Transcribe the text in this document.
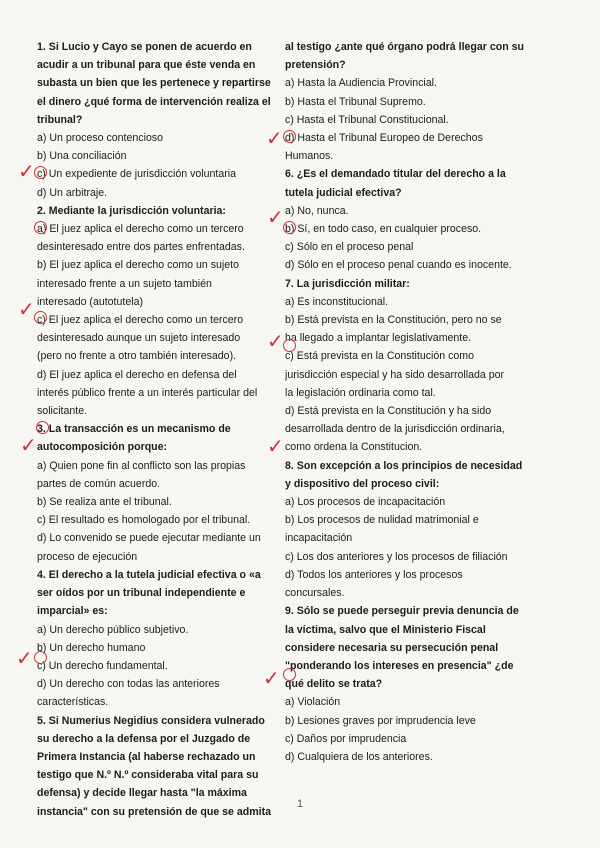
1. Si Lucio y Cayo se ponen de acuerdo en
acudir a un tribunal para que éste venda en
subasta un bien que les pertenece y repartirse
el dinero ¿qué forma de intervención realiza el
tribunal?
a) Un proceso contencioso
b) Una conciliación
c) Un expediente de jurisdicción voluntaria
d) Un arbitraje.
2. Mediante la jurisdicción voluntaria:
a) El juez aplica el derecho como un tercero
desinteresado entre dos partes enfrentadas.
b) El juez aplica el derecho como un sujeto
interesado frente a un sujeto también
interesado (autotutela)
c) El juez aplica el derecho como un tercero
desinteresado aunque un sujeto interesado
(pero no frente a otro también interesado).
d) El juez aplica el derecho en defensa del
interés público frente a un interés particular del
solicitante.
3. La transacción es un mecanismo de
autocomposición porque:
a) Quien pone fin al conflicto son las propias
partes de común acuerdo.
b) Se realiza ante el tribunal.
c) El resultado es homologado por el tribunal.
d) Lo convenido se puede ejecutar mediante un
proceso de ejecución
4. El derecho a la tutela judicial efectiva o «a
ser oídos por un tribunal independiente e
imparcial» es:
a) Un derecho público subjetivo.
b) Un derecho humano
c) Un derecho fundamental.
d) Un derecho con todas las anteriores
características.
5. Si Numerius Negidius considera vulnerado
su derecho a la defensa por el Juzgado de
Primera Instancia (al haberse rechazado un
testigo que N.º N.º consideraba vital para su
defensa) y decide llegar hasta "la máxima
instancia" con su pretensión de que se admita
al testigo ¿ante qué órgano podrá llegar con su
pretensión?
a) Hasta la Audiencia Provincial.
b) Hasta el Tribunal Supremo.
c) Hasta el Tribunal Constitucional.
d) Hasta el Tribunal Europeo de Derechos
Humanos.
6. ¿Es el demandado titular del derecho a la
tutela judicial efectiva?
a) No, nunca.
b) Sí, en todo caso, en cualquier proceso.
c) Sólo en el proceso penal
d) Sólo en el proceso penal cuando es inocente.
7. La jurisdicción militar:
a) Es inconstitucional.
b) Está prevista en la Constitución, pero no se
ha llegado a implantar legislativamente.
c) Está prevista en la Constitución como
jurisdicción especial y ha sido desarrollada por
la legislación ordinaria como tal.
d) Está prevista en la Constitución y ha sido
desarrollada dentro de la jurisdicción ordinaria,
como ordena la Constitucion.
8. Son excepción a los principios de necesidad
y dispositivo del proceso civil:
a) Los procesos de incapacitación
b) Los procesos de nulidad matrimonial e
incapacitación
c) Los dos anteriores y los procesos de filiación
d) Todos los anteriores y los procesos
concursales.
9. Sólo se puede perseguir previa denuncia de
la víctima, salvo que el Ministerio Fiscal
considere necesaria su persecución penal
"ponderando los intereses en presencia" ¿de
qué delito se trata?
a) Violación
b) Lesiones graves por imprudencia leve
c) Daños por imprudencia
d) Cualquiera de los anteriores.
1
✓
✓
✓
✓
✓
✓
✓
✓
✓
